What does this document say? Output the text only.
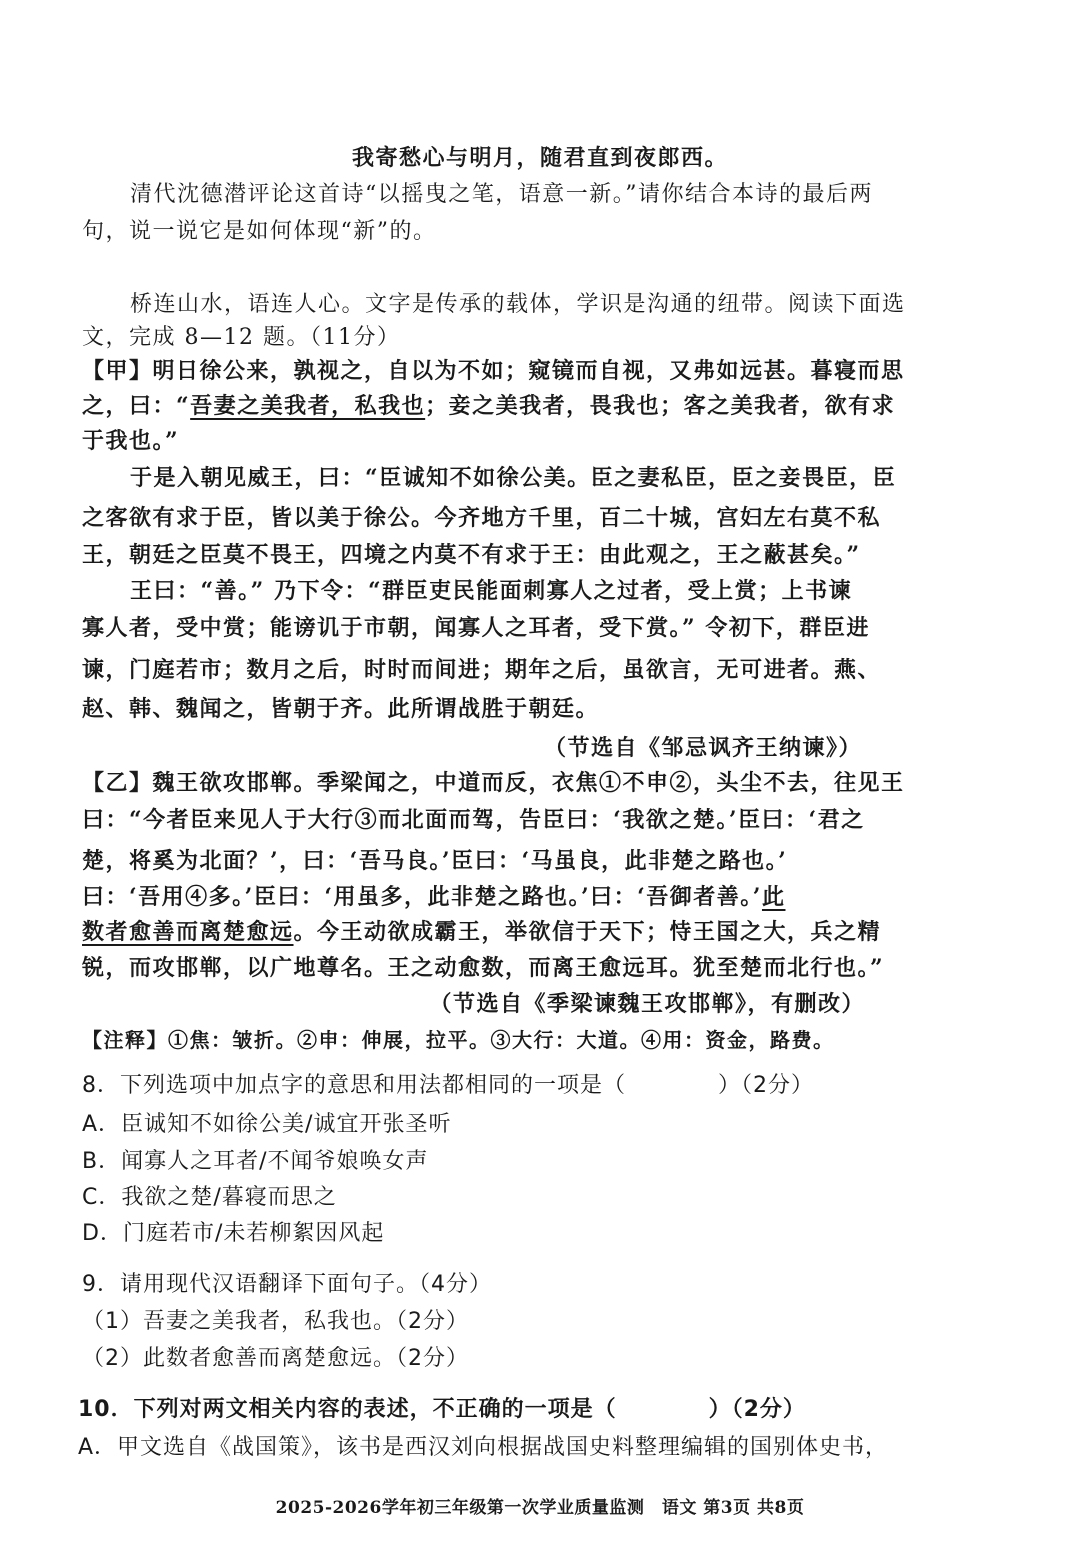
我寄愁心与明月，随君直到夜郎西。
清代沈德潜评论这首诗“以摇曳之笔，语意一新。”请你结合本诗的最后两
句，说一说它是如何体现“新”的。
桥连山水，语连人心。文字是传承的载体，学识是沟通的纽带。阅读下面选
文，完成 8—12 题。（11分）
【甲】明日徐公来，孰视之，自以为不如；窥镜而自视，又弗如远甚。暮寝而思
之，曰：“吾妻之美我者，私我也；妾之美我者，畏我也；客之美我者，欲有求
于我也。”
于是入朝见威王，曰：“臣诚知不如徐公美。臣之妻私臣，臣之妾畏臣，臣
之客欲有求于臣，皆以美于徐公。今齐地方千里，百二十城，宫妇左右莫不私
王，朝廷之臣莫不畏王，四境之内莫不有求于王：由此观之，王之蔽甚矣。”
王曰：“善。” 乃下令：“群臣吏民能面刺寡人之过者，受上赏；上书谏
寡人者，受中赏；能谤讥于市朝，闻寡人之耳者，受下赏。” 令初下，群臣进
谏，门庭若市；数月之后，时时而间进；期年之后，虽欲言，无可进者。燕、
赵、韩、魏闻之，皆朝于齐。此所谓战胜于朝廷。
（节选自《邹忌讽齐王纳谏》）
【乙】魏王欲攻邯郸。季梁闻之，中道而反，衣焦①不申②，头尘不去，往见王
曰：“今者臣来见人于大行③而北面而驾，告臣曰：‘我欲之楚。’臣曰：‘君之
楚，将奚为北面？’，曰：‘吾马良。’臣曰：‘马虽良，此非楚之路也。’
曰：‘吾用④多。’臣曰：‘用虽多，此非楚之路也。’曰：‘吾御者善。’此
数者愈善而离楚愈远。今王动欲成霸王，举欲信于天下；恃王国之大，兵之精
锐，而攻邯郸，以广地尊名。王之动愈数，而离王愈远耳。犹至楚而北行也。”
（节选自《季梁谏魏王攻邯郸》，有删改）
【注释】①焦：皱折。②申：伸展，拉平。③大行：大道。④用：资金，路费。
8．下列选项中加点字的意思和用法都相同的一项是（　　　　）（2分）
A．臣诚知不如徐公美/诚宜开张圣听
B．闻寡人之耳者/不闻爷娘唤女声
C．我欲之楚/暮寝而思之
D．门庭若市/未若柳絮因风起
9．请用现代汉语翻译下面句子。（4分）
（1）吾妻之美我者，私我也。（2分）
（2）此数者愈善而离楚愈远。（2分）
10．下列对两文相关内容的表述，不正确的一项是（　　　　）（2分）
A．甲文选自《战国策》，该书是西汉刘向根据战国史料整理编辑的国别体史书，
2025-2026学年初三年级第一次学业质量监测　语文 第3页 共8页
